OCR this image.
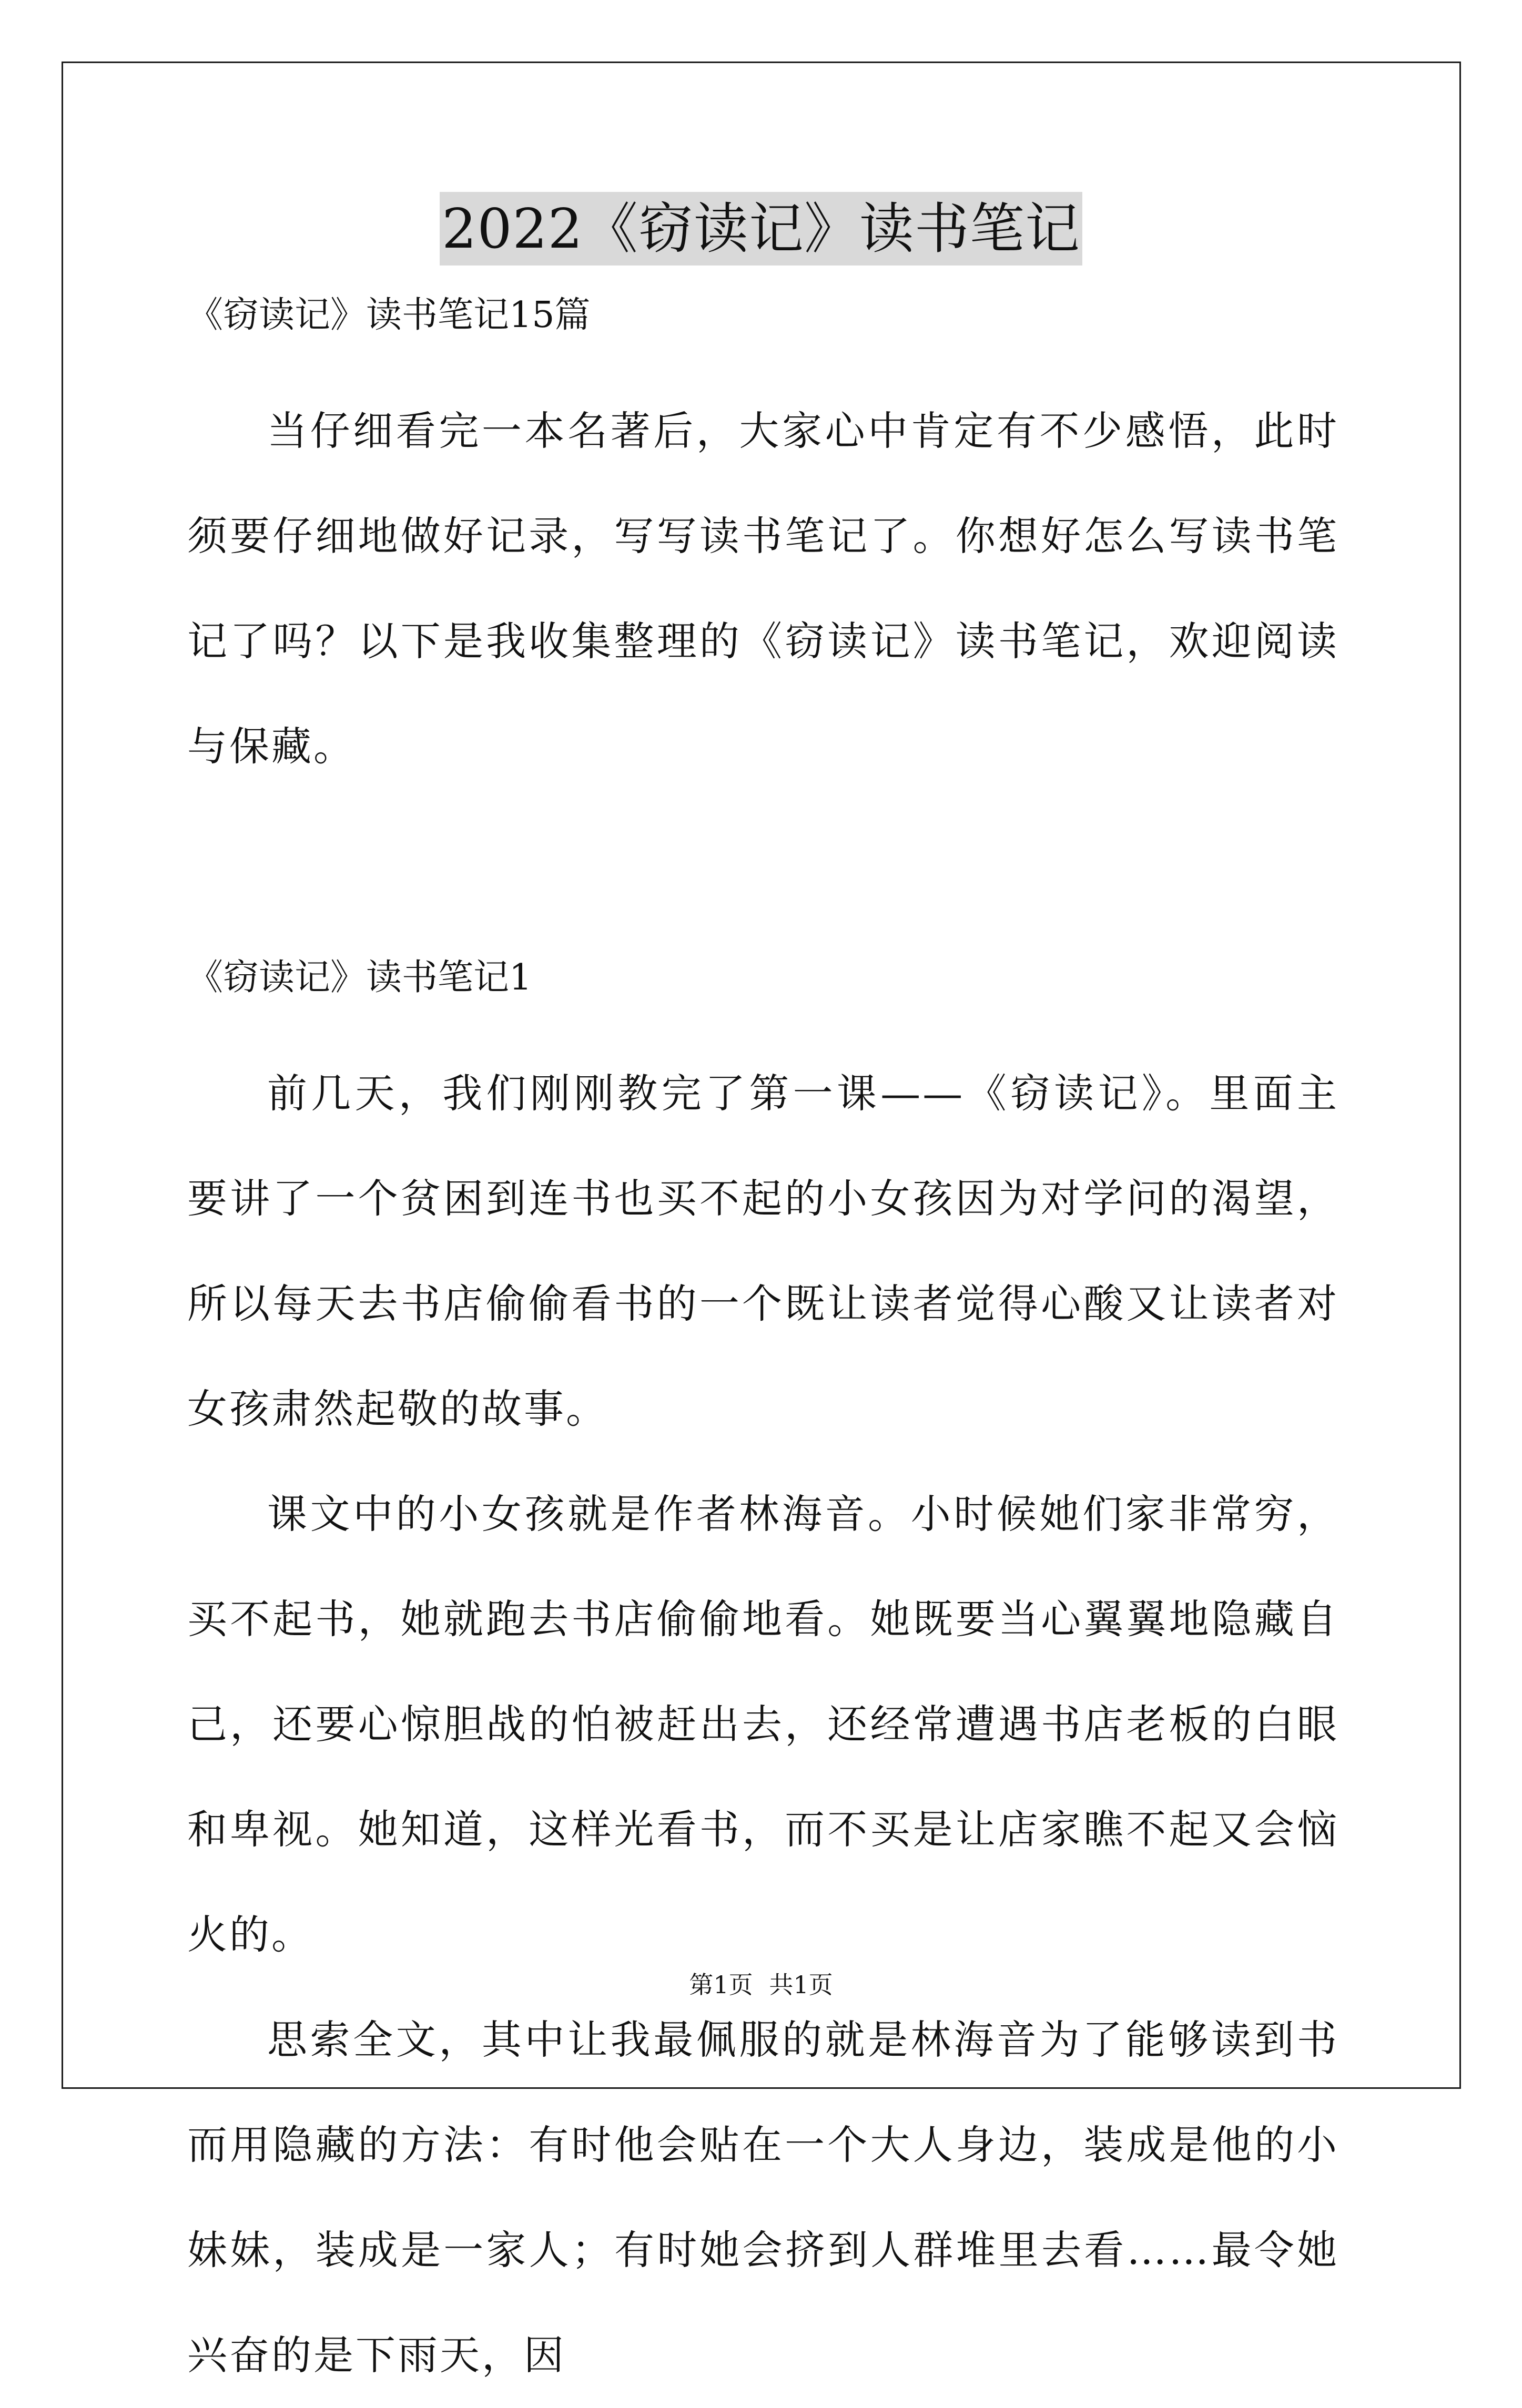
2022《窃读记》读书笔记

《窃读记》读书笔记15篇

当仔细看完一本名著后，大家心中肯定有不少感悟，此时须要仔细地做好记录，写写读书笔记了。你想好怎么写读书笔记了吗？以下是我收集整理的《窃读记》读书笔记，欢迎阅读与保藏。

《窃读记》读书笔记1

前几天，我们刚刚教完了第一课——《窃读记》。里面主要讲了一个贫困到连书也买不起的小女孩因为对学问的渴望，所以每天去书店偷偷看书的一个既让读者觉得心酸又让读者对女孩肃然起敬的故事。

课文中的小女孩就是作者林海音。小时候她们家非常穷，买不起书，她就跑去书店偷偷地看。她既要当心翼翼地隐藏自己，还要心惊胆战的怕被赶出去，还经常遭遇书店老板的白眼和卑视。她知道，这样光看书，而不买是让店家瞧不起又会恼火的。

思索全文，其中让我最佩服的就是林海音为了能够读到书而用隐藏的方法：有时他会贴在一个大人身边，装成是他的小妹妹，装成是一家人；有时她会挤到人群堆里去看……最令她兴奋的是下雨天，因

第1页 共1页
